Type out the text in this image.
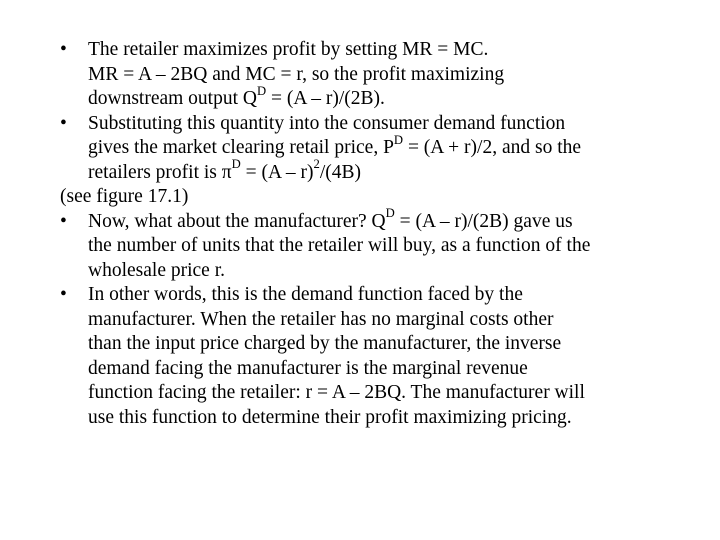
• The retailer maximizes profit by setting MR = MC.
MR = A – 2BQ and MC = r, so the profit maximizing
downstream output $Q^D = (A - r)/(2B)$.
• Substituting this quantity into the consumer demand function
gives the market clearing retail price, $P^D = (A + r)/2$, and so the
retailers profit is $\pi^D = (A - r)^2/(4B)$
(see figure 17.1)
• Now, what about the manufacturer? $Q^D = (A - r)/(2B)$ gave us
the number of units that the retailer will buy, as a function of the
wholesale price r.
• In other words, this is the demand function faced by the
manufacturer. When the retailer has no marginal costs other
than the input price charged by the manufacturer, the inverse
demand facing the manufacturer is the marginal revenue
function facing the retailer: r = A – 2BQ. The manufacturer will
use this function to determine their profit maximizing pricing.
